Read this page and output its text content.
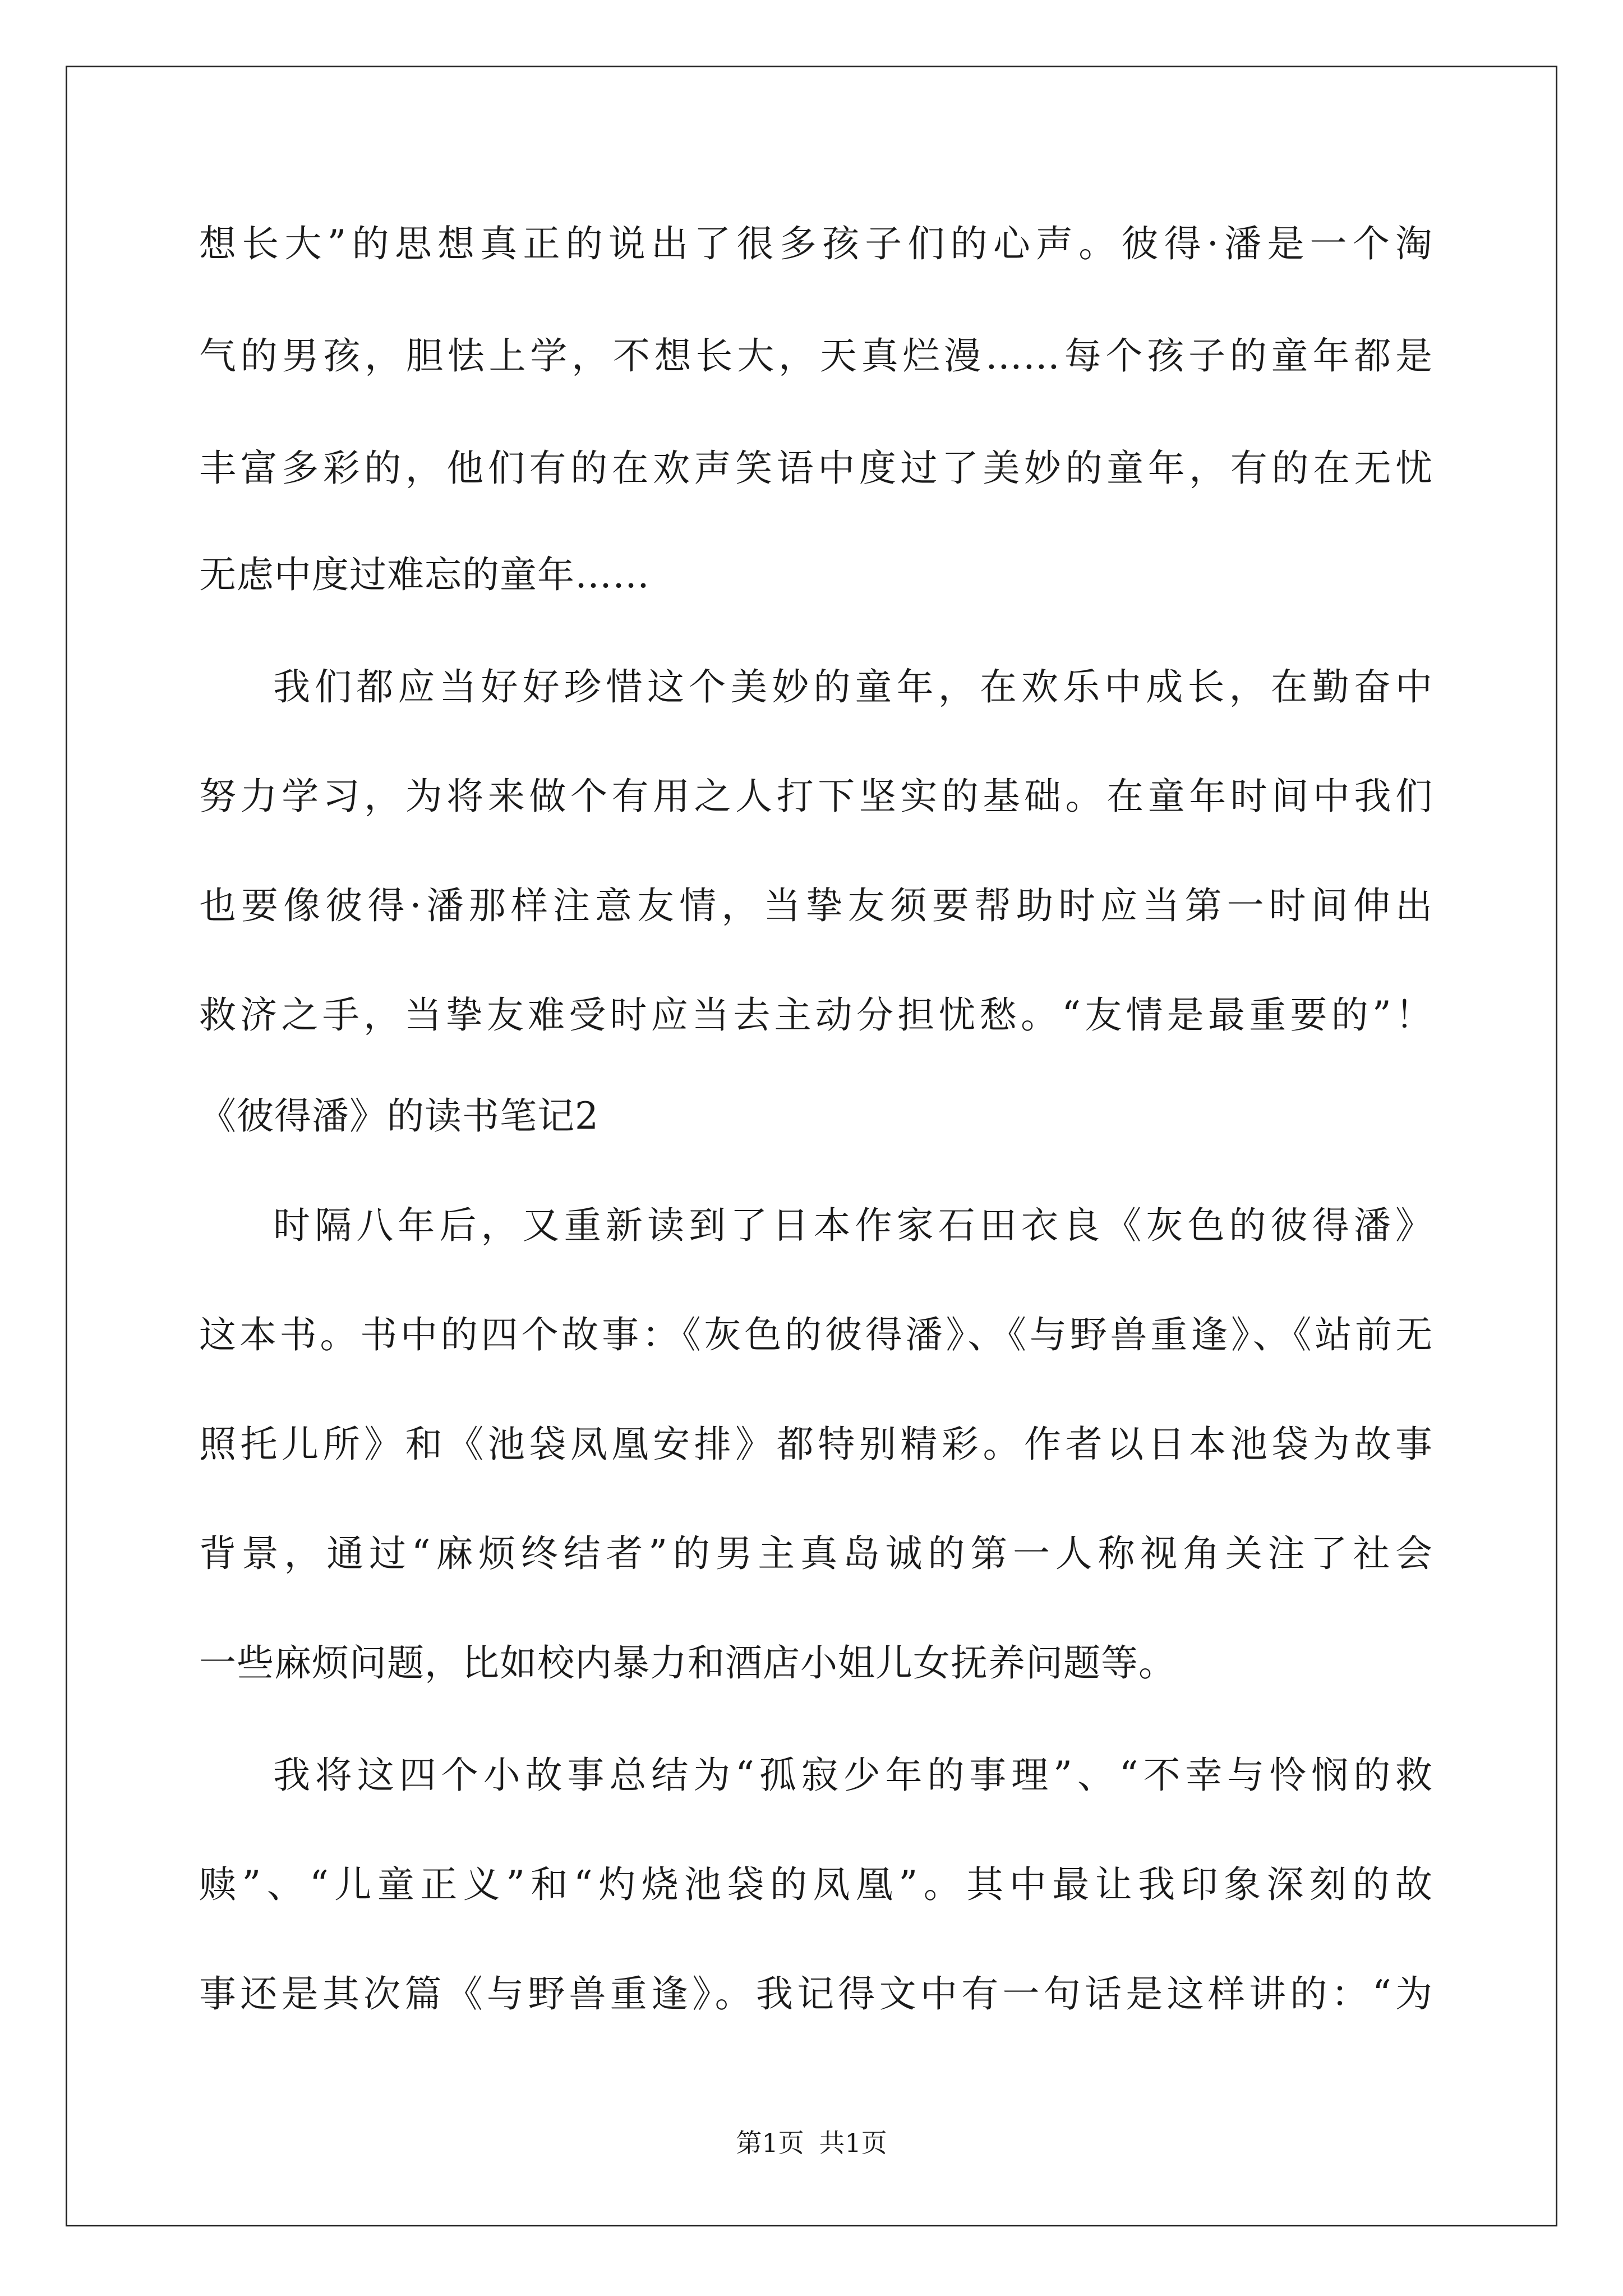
想长大”的思想真正的说出了很多孩子们的心声。彼得·潘是一个淘
气的男孩，胆怯上学，不想长大，天真烂漫……每个孩子的童年都是
丰富多彩的，他们有的在欢声笑语中度过了美妙的童年，有的在无忧
无虑中度过难忘的童年……
我们都应当好好珍惜这个美妙的童年，在欢乐中成长，在勤奋中
努力学习，为将来做个有用之人打下坚实的基础。在童年时间中我们
也要像彼得·潘那样注意友情，当挚友须要帮助时应当第一时间伸出
救济之手，当挚友难受时应当去主动分担忧愁。“友情是最重要的”！
《彼得潘》的读书笔记2
时隔八年后，又重新读到了日本作家石田衣良《灰色的彼得潘》
这本书。书中的四个故事：《灰色的彼得潘》、《与野兽重逢》、《站前无
照托儿所》和《池袋凤凰安排》都特别精彩。作者以日本池袋为故事
背景，通过“麻烦终结者”的男主真岛诚的第一人称视角关注了社会
一些麻烦问题，比如校内暴力和酒店小姐儿女抚养问题等。
我将这四个小故事总结为“孤寂少年的事理”、“不幸与怜悯的救
赎”、“儿童正义”和“灼烧池袋的凤凰”。其中最让我印象深刻的故
事还是其次篇《与野兽重逢》。我记得文中有一句话是这样讲的：“为
第1页 共1页
